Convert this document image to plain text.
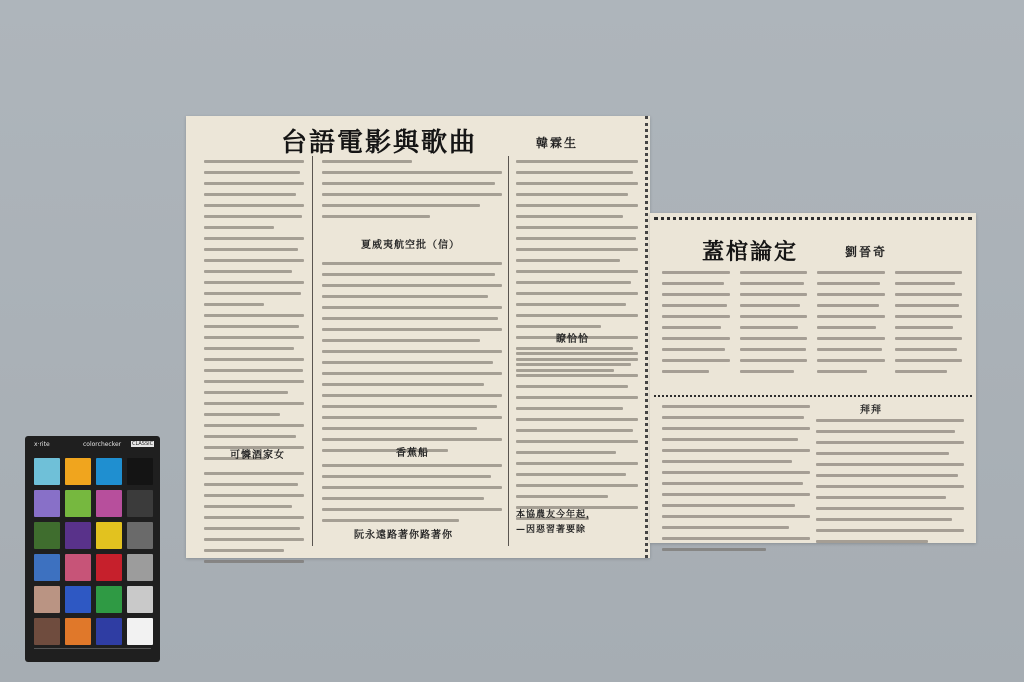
台語電影與歌曲	韓霖生
可憐酒家女
夏威夷航空批（信）
香蕉船
阮永遠路著你路著你
瞭恰恰
本協農友今年起，
—因惡習著要除
蓋棺論定	劉晉奇
拜拜
x·rite	colorchecker CLASSIC
